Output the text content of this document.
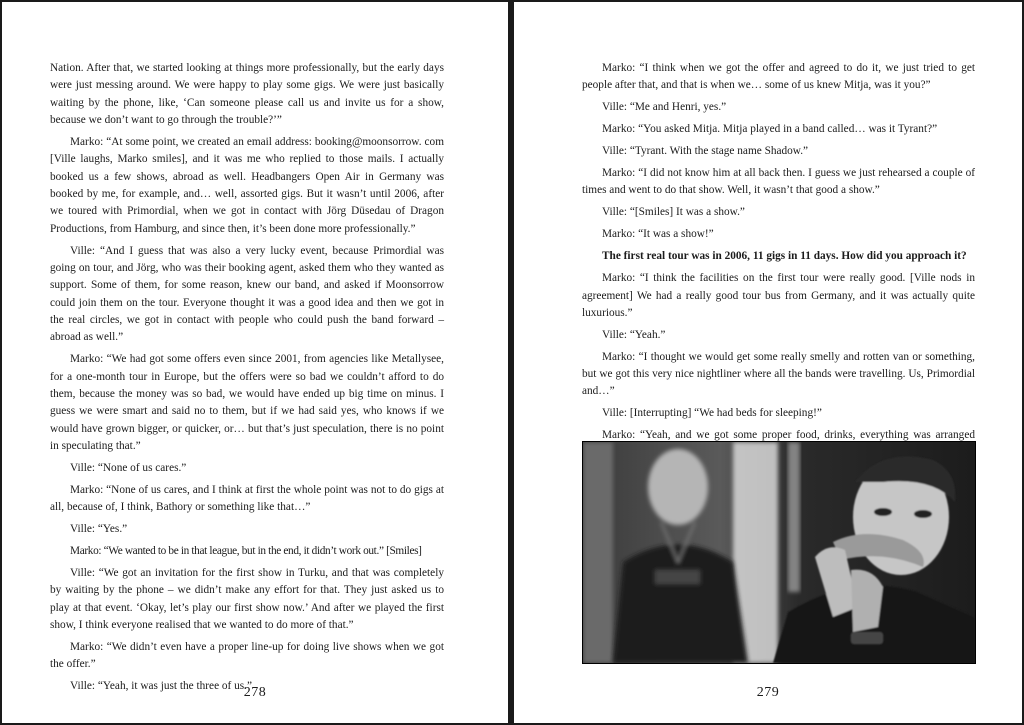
Nation. After that, we started looking at things more professionally, but the early days were just messing around. We were happy to play some gigs. We were just basically waiting by the phone, like, ‘Can someone please call us and invite us for a show, because we don’t want to go through the trouble?’”

Marko: “At some point, we created an email address: booking@moonsorrow. com [Ville laughs, Marko smiles], and it was me who replied to those mails. I actually booked us a few shows, abroad as well. Headbangers Open Air in Germany was booked by me, for example, and… well, assorted gigs. But it wasn’t until 2006, after we toured with Primordial, when we got in contact with Jörg Düsedau of Dragon Productions, from Hamburg, and since then, it’s been done more professionally.”

Ville: “And I guess that was also a very lucky event, because Primordial was going on tour, and Jörg, who was their booking agent, asked them who they wanted as support. Some of them, for some reason, knew our band, and asked if Moonsorrow could join them on the tour. Everyone thought it was a good idea and then we got in the real circles, we got in contact with people who could push the band forward – abroad as well.”

Marko: “We had got some offers even since 2001, from agencies like Metallysee, for a one-month tour in Europe, but the offers were so bad we couldn’t afford to do them, because the money was so bad, we would have ended up big time on minus. I guess we were smart and said no to them, but if we had said yes, who knows if we would have grown bigger, or quicker, or… but that’s just speculation, there is no point in speculating that.”

Ville: “None of us cares.”

Marko: “None of us cares, and I think at first the whole point was not to do gigs at all, because of, I think, Bathory or something like that…”

Ville: “Yes.”

Marko: “We wanted to be in that league, but in the end, it didn’t work out.” [Smiles]

Ville: “We got an invitation for the first show in Turku, and that was completely by waiting by the phone – we didn’t make any effort for that. They just asked us to play at that event. ‘Okay, let’s play our first show now.’ And after we played the first show, I think everyone realised that we wanted to do more of that.”

Marko: “We didn’t even have a proper line-up for doing live shows when we got the offer.”

Ville: “Yeah, it was just the three of us.”

278

Marko: “I think when we got the offer and agreed to do it, we just tried to get people after that, and that is when we… some of us knew Mitja, was it you?”

Ville: “Me and Henri, yes.”

Marko: “You asked Mitja. Mitja played in a band called… was it Tyrant?”

Ville: “Tyrant. With the stage name Shadow.”

Marko: “I did not know him at all back then. I guess we just rehearsed a couple of times and went to do that show. Well, it wasn’t that good a show.”

Ville: “[Smiles] It was a show.”

Marko: “It was a show!”

The first real tour was in 2006, 11 gigs in 11 days. How did you approach it?

Marko: “I think the facilities on the first tour were really good. [Ville nods in agreement] We had a really good tour bus from Germany, and it was actually quite luxurious.”

Ville: “Yeah.”

Marko: “I thought we would get some really smelly and rotten van or something, but we got this very nice nightliner where all the bands were travelling. Us, Primordial and…”

Ville: [Interrupting] “We had beds for sleeping!”

Marko: “Yeah, and we got some proper food, drinks, everything was arranged

279
